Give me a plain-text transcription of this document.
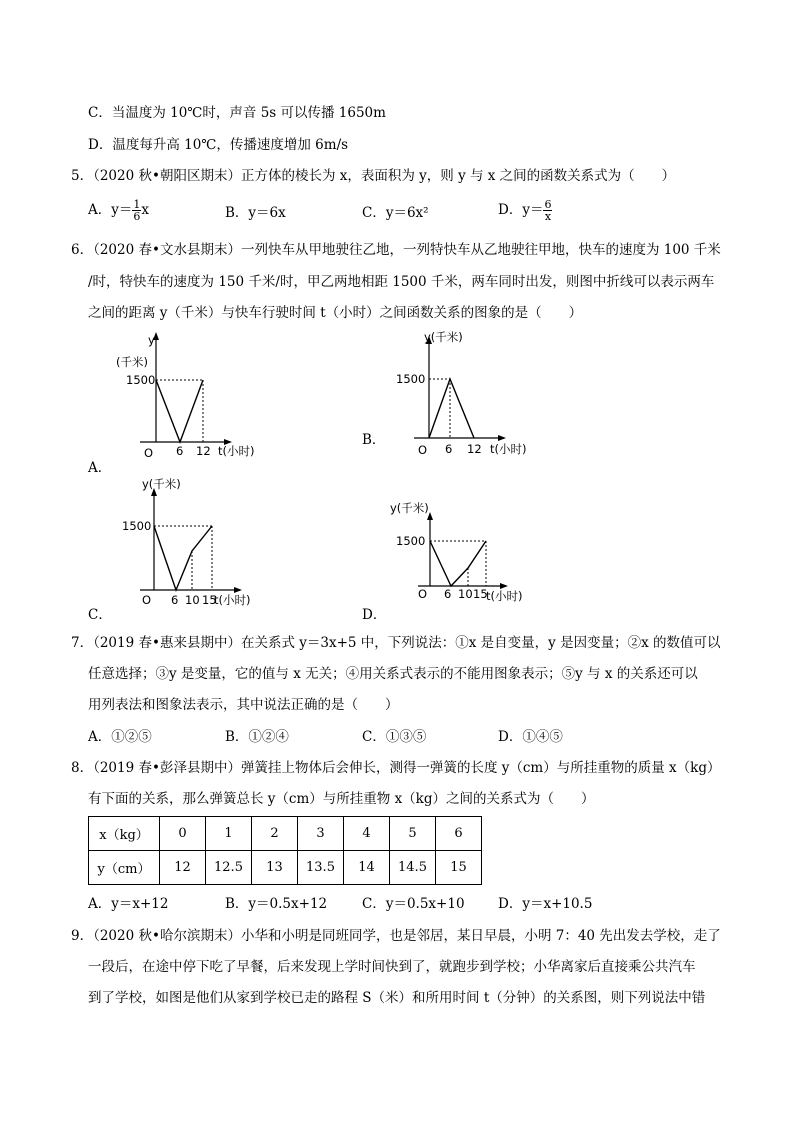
C．当温度为 10℃时，声音 5s 可以传播 1650m
D．温度每升高 10℃，传播速度增加 6m/s
5．（2020 秋•朝阳区期末）正方体的棱长为 x，表面积为 y，则 y 与 x 之间的函数关系式为（　　）
A．$y= \frac{1}{6}$ x	B．y＝6x	C．y＝6x²	D．$y= \frac{6}{x}$
6．（2020 春•文水县期末）一列快车从甲地驶往乙地，一列特快车从乙地驶往甲地，快车的速度为 100 千米
/时，特快车的速度为 150 千米/时，甲乙两地相距 1500 千米，两车同时出发，则图中折线可以表示两车
之间的距离 y（千米）与快车行驶时间 t（小时）之间函数关系的图象的是（　　）
A．
y
(千米)
1500
O 6 12 t(小时)
B．
y(千米)
1500
O 6 12 t(小时)
C．
y(千米)
1500
O 6 10 15
t(小时)
D．
y(千米)
1500
O 6 10 15
t(小时)
7．（2019 春•惠来县期中）在关系式 y＝3x+5 中，下列说法：①x 是自变量，y 是因变量；②x 的数值可以
任意选择；③y 是变量，它的值与 x 无关；④用关系式表示的不能用图象表示；⑤y 与 x 的关系还可以
用列表法和图象法表示，其中说法正确的是（　　）
A．①②⑤	B．①②④	C．①③⑤	D．①④⑤
8．（2019 春•彭泽县期中）弹簧挂上物体后会伸长，测得一弹簧的长度 y（cm）与所挂重物的质量 x（kg）
有下面的关系，那么弹簧总长 y（cm）与所挂重物 x（kg）之间的关系式为（　　）
x（kg）	0	1	2	3	4	5	6
y（cm）	12	12.5	13	13.5	14	14.5	15
A．y＝x+12	B．y＝0.5x+12	C．y＝0.5x+10 D．y＝x+10.5
9．（2020 秋•哈尔滨期末）小华和小明是同班同学，也是邻居，某日早晨，小明 7：40 先出发去学校，走了
一段后，在途中停下吃了早餐，后来发现上学时间快到了，就跑步到学校；小华离家后直接乘公共汽车
到了学校，如图是他们从家到学校已走的路程 S（米）和所用时间 t（分钟）的关系图，则下列说法中错
